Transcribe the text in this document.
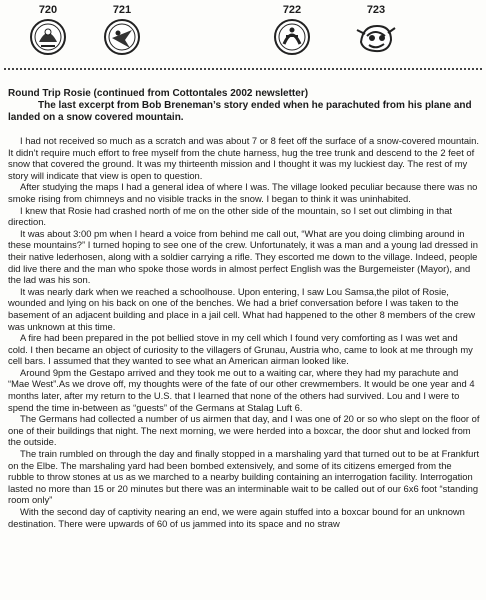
720	721	722	723

Round Trip Rosie (continued from Cottontales 2002 newsletter)

The last excerpt from Bob Breneman’s story ended when he parachuted from his plane and landed on a snow covered mountain.

I had not received so much as a scratch and was about 7 or 8 feet off the surface of a snow-covered mountain. It didn’t require much effort to free myself from the chute harness, hug the tree trunk and descend to the 2 feet of snow that covered the ground. It was my thirteenth mission and I thought it was my luckiest day. The rest of my story will indicate that view is open to question.

After studying the maps I had a general idea of where I was. The village looked peculiar because there was no smoke rising from chimneys and no visible tracks in the snow. I began to think it was uninhabited.

I knew that Rosie had crashed north of me on the other side of the mountain, so I set out climbing in that direction.

It was about 3:00 pm when I heard a voice from behind me call out, “What are you doing climbing around in these mountains?” I turned hoping to see one of the crew. Unfortunately, it was a man and a young lad dressed in their native lederhosen, along with a soldier carrying a rifle. They escorted me down to the village. Indeed, people did live there and the man who spoke those words in almost perfect English was the Burgemeister (Mayor), and the lad was his son.

It was nearly dark when we reached a schoolhouse. Upon entering, I saw Lou Samsa,the pilot of Rosie, wounded and lying on his back on one of the benches. We had a brief conversation before I was taken to the basement of an adjacent building and place in a jail cell. What had happened to the other 8 members of the crew was unknown at this time.

A fire had been prepared in the pot bellied stove in my cell which I found very comforting as I was wet and cold. I then became an object of curiosity to the villagers of Grunau, Austria who, came to look at me through my cell bars. I assumed that they wanted to see what an American airman looked like.

Around 9pm the Gestapo arrived and they took me out to a waiting car, where they had my parachute and “Mae West”.As we drove off, my thoughts were of the fate of our other crewmembers. It would be one year and 4 months later, after my return to the U.S. that I learned that none of the others had survived. Lou and I were to spend the time in-between as “guests” of the Germans at Stalag Luft 6.

The Germans had collected a number of us airmen that day, and I was one of 20 or so who slept on the floor of one of their buildings that night. The next morning, we were herded into a boxcar, the door shut and locked from the outside.

The train rumbled on through the day and finally stopped in a marshaling yard that turned out to be at Frankfurt on the Elbe. The marshaling yard had been bombed extensively, and some of its citizens emerged from the rubble to throw stones at us as we marched to a nearby building containing an interrogation facility. Interrogation lasted no more than 15 or 20 minutes but there was an interminable wait to be called out of our 6x6 foot “standing room only”

With the second day of captivity nearing an end, we were again stuffed into a boxcar bound for an unknown destination. There were upwards of 60 of us jammed into its space and no straw
